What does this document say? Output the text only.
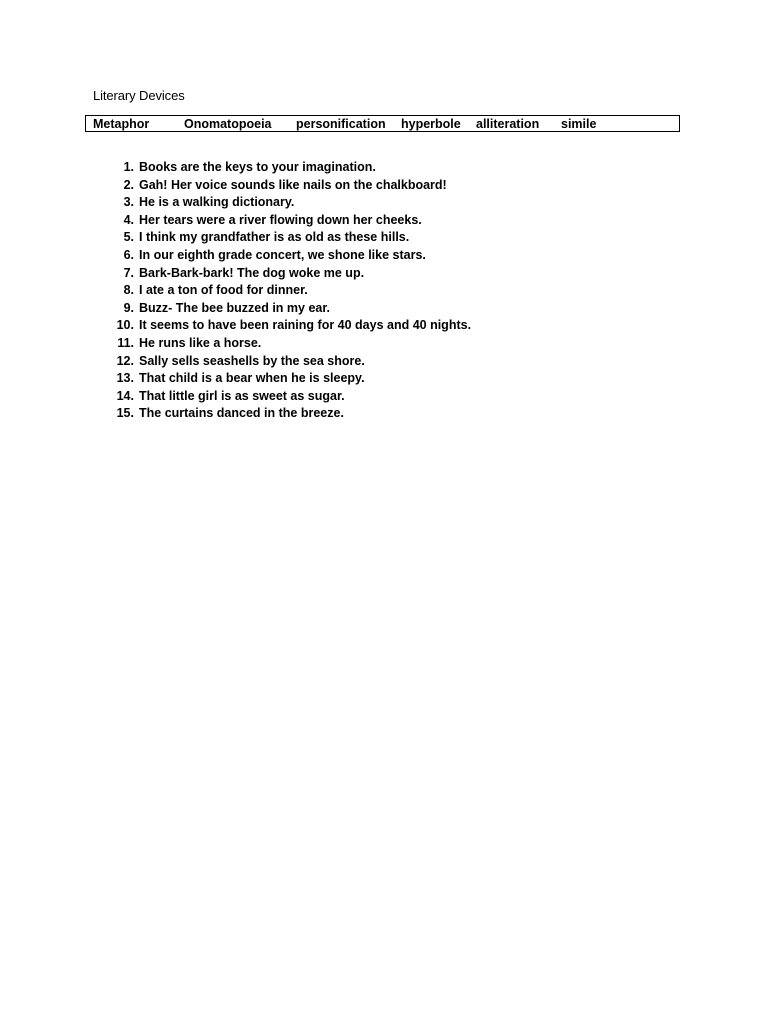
Literary Devices
Metaphor	Onomatopoeia personification hyperbole alliteration simile
1. Books are the keys to your imagination.
2. Gah! Her voice sounds like nails on the chalkboard!
3. He is a walking dictionary.
4. Her tears were a river flowing down her cheeks.
5. I think my grandfather is as old as these hills.
6. In our eighth grade concert, we shone like stars.
7. Bark-Bark-bark! The dog woke me up.
8. I ate a ton of food for dinner.
9. Buzz- The bee buzzed in my ear.
10. It seems to have been raining for 40 days and 40 nights.
11. He runs like a horse.
12. Sally sells seashells by the sea shore.
13. That child is a bear when he is sleepy.
14. That little girl is as sweet as sugar.
15. The curtains danced in the breeze.
